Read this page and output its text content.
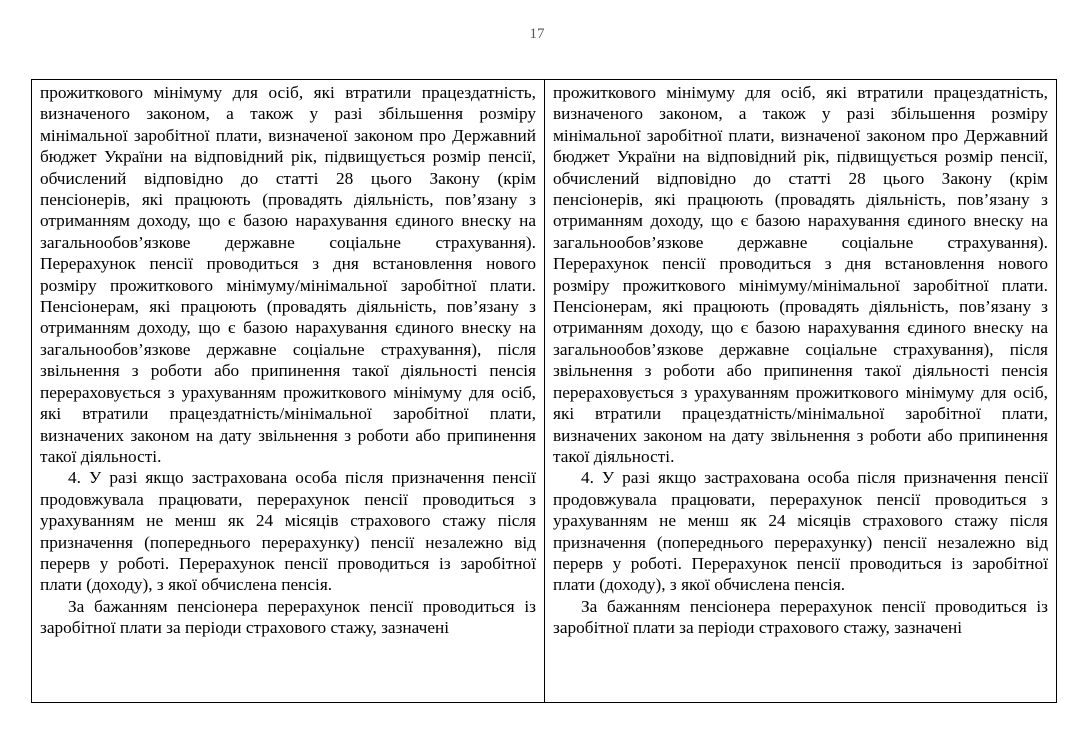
17

прожиткового мінімуму для осіб, які втратили працездатність, визначеного законом, а також у разі збільшення розміру мінімальної заробітної плати, визначеної законом про Державний бюджет України на відповідний рік, підвищується розмір пенсії, обчислений відповідно до статті 28 цього Закону (крім пенсіонерів, які працюють (провадять діяльність, пов’язану з отриманням доходу, що є базою нарахування єдиного внеску на загальнообов’язкове державне соціальне страхування). Перерахунок пенсії проводиться з дня встановлення нового розміру прожиткового мінімуму/мінімальної заробітної плати. Пенсіонерам, які працюють (провадять діяльність, пов’язану з отриманням доходу, що є базою нарахування єдиного внеску на загальнообов’язкове державне соціальне страхування), після звільнення з роботи або припинення такої діяльності пенсія перераховується з урахуванням прожиткового мінімуму для осіб, які втратили працездатність/мінімальної заробітної плати, визначених законом на дату звільнення з роботи або припинення такої діяльності.

4. У разі якщо застрахована особа після призначення пенсії продовжувала працювати, перерахунок пенсії проводиться з урахуванням не менш як 24 місяців страхового стажу після призначення (попереднього перерахунку) пенсії незалежно від перерв у роботі. Перерахунок пенсії проводиться із заробітної плати (доходу), з якої обчислена пенсія.

За бажанням пенсіонера перерахунок пенсії проводиться із заробітної плати за періоди страхового стажу, зазначені

прожиткового мінімуму для осіб, які втратили працездатність, визначеного законом, а також у разі збільшення розміру мінімальної заробітної плати, визначеної законом про Державний бюджет України на відповідний рік, підвищується розмір пенсії, обчислений відповідно до статті 28 цього Закону (крім пенсіонерів, які працюють (провадять діяльність, пов’язану з отриманням доходу, що є базою нарахування єдиного внеску на загальнообов’язкове державне соціальне страхування). Перерахунок пенсії проводиться з дня встановлення нового розміру прожиткового мінімуму/мінімальної заробітної плати. Пенсіонерам, які працюють (провадять діяльність, пов’язану з отриманням доходу, що є базою нарахування єдиного внеску на загальнообов’язкове державне соціальне страхування), після звільнення з роботи або припинення такої діяльності пенсія перераховується з урахуванням прожиткового мінімуму для осіб, які втратили працездатність/мінімальної заробітної плати, визначених законом на дату звільнення з роботи або припинення такої діяльності.

4. У разі якщо застрахована особа після призначення пенсії продовжувала працювати, перерахунок пенсії проводиться з урахуванням не менш як 24 місяців страхового стажу після призначення (попереднього перерахунку) пенсії незалежно від перерв у роботі. Перерахунок пенсії проводиться із заробітної плати (доходу), з якої обчислена пенсія.

За бажанням пенсіонера перерахунок пенсії проводиться із заробітної плати за періоди страхового стажу, зазначені
